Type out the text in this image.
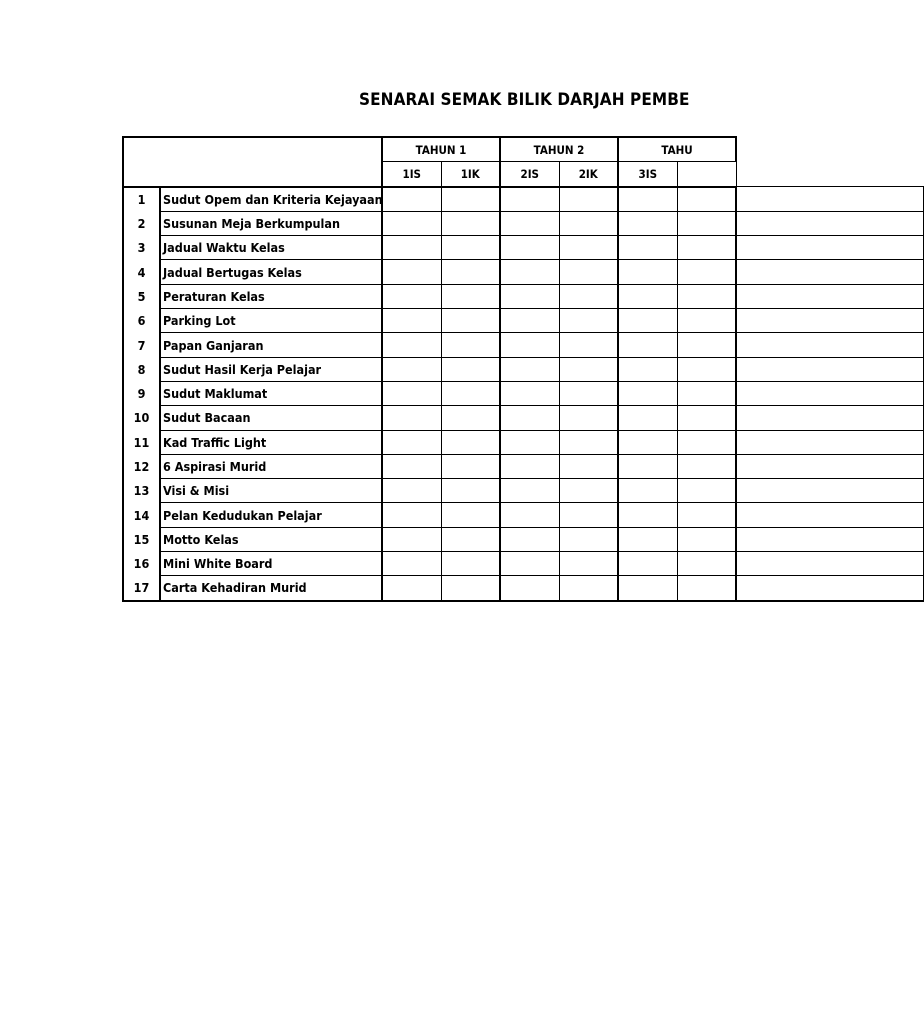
SENARAI SEMAK BILIK DARJAH PEMBE
		TAHUN 1		TAHUN 2		TAHU		
		1IS	1IK	2IS	2IK	3IS		
1	Sudut Opem dan Kriteria Kejayaan							
2	Susunan Meja Berkumpulan							
3	Jadual Waktu Kelas							
4	Jadual Bertugas Kelas							
5	Peraturan Kelas							
6	Parking Lot							
7	Papan Ganjaran							
8	Sudut Hasil Kerja Pelajar							
9	Sudut Maklumat							
10	Sudut Bacaan							
11	Kad Traffic Light							
12	6 Aspirasi Murid							
13	Visi & Misi							
14	Pelan Kedudukan Pelajar							
15	Motto Kelas							
16	Mini White Board							
17	Carta Kehadiran Murid							
